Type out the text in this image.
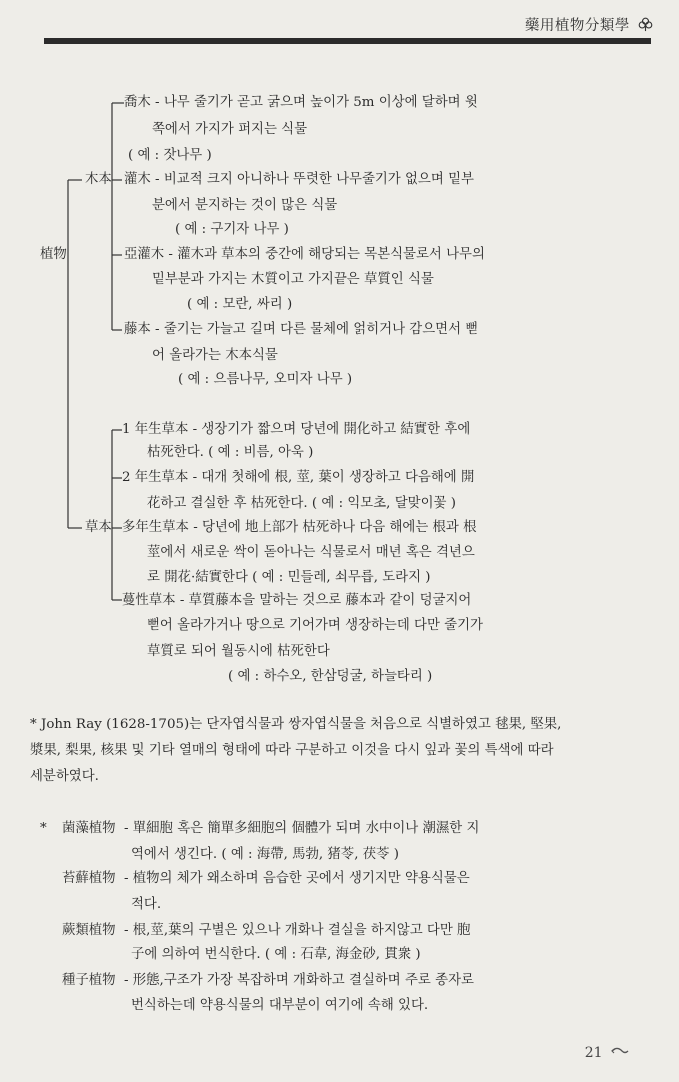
藥用植物分類學
植物
木本
草本
喬木 - 나무 줄기가 곧고 굵으며 높이가 5m 이상에 달하며 윗
쪽에서 가지가 퍼지는 식물
( 예 : 잣나무 )
灌木 - 비교적 크지 아니하나 뚜렷한 나무줄기가 없으며 밑부
분에서 분지하는 것이 많은 식물
( 예 : 구기자 나무 )
亞灌木 - 灌木과 草本의 중간에 해당되는 목본식물로서 나무의
밑부분과 가지는 木質이고 가지끝은 草質인 식물
( 예 : 모란, 싸리 )
藤本 - 줄기는 가늘고 길며 다른 물체에 얽히거나 감으면서 뻗
어 올라가는 木本식물
( 예 : 으름나무, 오미자 나무 )
1 年生草本 - 생장기가 짧으며 당년에 開化하고 結實한 후에
枯死한다. ( 예 : 비름, 아욱 )
2 年生草本 - 대개 첫해에 根, 莖, 葉이 생장하고 다음해에 開
花하고 결실한 후 枯死한다. ( 예 : 익모초, 달맞이꽃 )
多年生草本 - 당년에 地上部가 枯死하나 다음 해에는 根과 根
莖에서 새로운 싹이 돋아나는 식물로서 매년 혹은 격년으
로 開花·結實한다 ( 예 : 민들레, 쇠무릅, 도라지 )
蔓性草本 - 草質藤本을 말하는 것으로 藤本과 같이 덩굴지어
뻗어 올라가거나 땅으로 기어가며 생장하는데 다만 줄기가
草質로 되어 월동시에 枯死한다
( 예 : 하수오, 한삼덩굴, 하늘타리 )
* John Ray (1628-1705)는 단자엽식물과 쌍자엽식물을 처음으로 식별하였고 毬果, 堅果,
漿果, 梨果, 核果 및 기타 열매의 형태에 따라 구분하고 이것을 다시 잎과 꽃의 특색에 따라
세분하였다.
* 菌藻植物 - 單細胞 혹은 簡單多細胞의 個體가 되며 水中이나 潮濕한 지
역에서 생긴다. ( 예 : 海帶, 馬勃, 猪苓, 茯苓 )
苔蘚植物 - 植物의 체가 왜소하며 음습한 곳에서 생기지만 약용식물은
적다.
蕨類植物 - 根,莖,葉의 구별은 있으나 개화나 결실을 하지않고 다만 胞
子에 의하여 번식한다. ( 예 : 石韋, 海金砂, 貫衆 )
種子植物 - 形態,구조가 가장 복잡하며 개화하고 결실하며 주로 종자로
번식하는데 약용식물의 대부분이 여기에 속해 있다.
21
